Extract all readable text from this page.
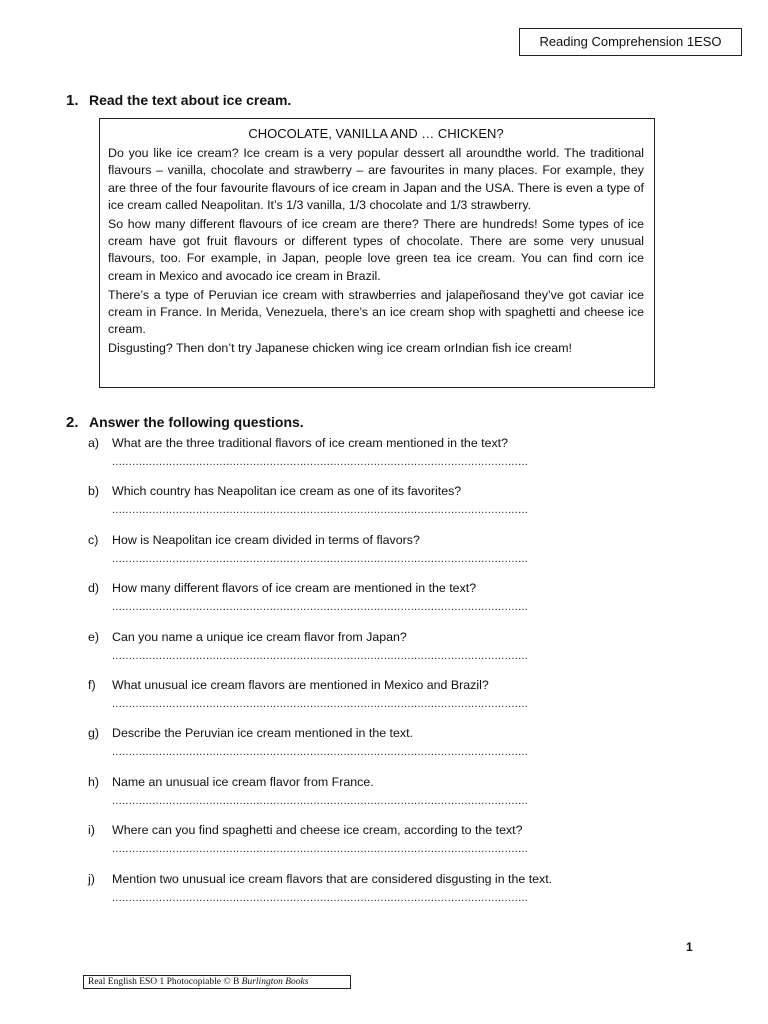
Reading Comprehension 1ESO
1. Read the text about ice cream.
CHOCOLATE, VANILLA AND … CHICKEN?

Do you like ice cream? Ice cream is a very popular dessert all aroundthe world. The traditional flavours – vanilla, chocolate and strawberry – are favourites in many places. For example, they are three of the four favourite flavours of ice cream in Japan and the USA. There is even a type of ice cream called Neapolitan. It’s 1/3 vanilla, 1/3 chocolate and 1/3 strawberry.

So how many different flavours of ice cream are there? There are hundreds! Some types of ice cream have got fruit flavours or different types of chocolate. There are some very unusual flavours, too. For example, in Japan, people love green tea ice cream. You can find corn ice cream in Mexico and avocado ice cream in Brazil.

There’s a type of Peruvian ice cream with strawberries and jalapeñosand they’ve got caviar ice cream in France. In Merida, Venezuela, there’s an ice cream shop with spaghetti and cheese ice cream.

Disgusting? Then don’t try Japanese chicken wing ice cream orIndian fish ice cream!

2. Answer the following questions.
a) What are the three traditional flavors of ice cream mentioned in the text?
............................................................................................................................
b) Which country has Neapolitan ice cream as one of its favorites?
............................................................................................................................
c) How is Neapolitan ice cream divided in terms of flavors?
............................................................................................................................
d) How many different flavors of ice cream are mentioned in the text?
............................................................................................................................
e) Can you name a unique ice cream flavor from Japan?
............................................................................................................................
f) What unusual ice cream flavors are mentioned in Mexico and Brazil?
............................................................................................................................
g) Describe the Peruvian ice cream mentioned in the text.
............................................................................................................................
h) Name an unusual ice cream flavor from France.
............................................................................................................................
i) Where can you find spaghetti and cheese ice cream, according to the text?
............................................................................................................................
j) Mention two unusual ice cream flavors that are considered disgusting in the text.
............................................................................................................................
1
Real English ESO 1 Photocopiable © B Burlington Books
